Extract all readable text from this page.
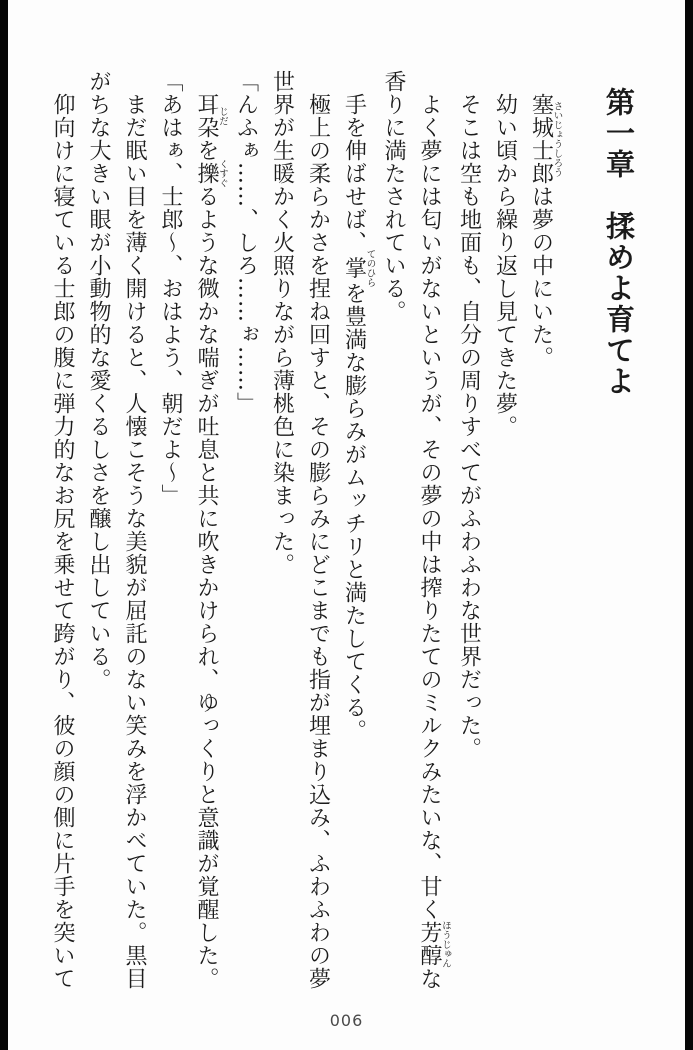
第一章　揉めよ育てよ

塞城士郎さいじょうしろうは夢の中にいた。

幼い頃から繰り返し見てきた夢。

そこは空も地面も、自分の周りすべてがふわふわな世界だった。

よく夢には匂いがないというが、その夢の中は搾りたてのミルクみたいな、甘く芳醇ほうじゅんな

香りに満たされている。

手を伸ばせば、掌てのひらを豊満な膨らみがムッチリと満たしてくる。

極上の柔らかさを捏ね回すと、その膨らみにどこまでも指が埋まり込み、ふわふわの夢

世界が生暖かく火照りながら薄桃色に染まった。

「んふぁ……、しろ……ぉ……」

耳朶じだを擽くすぐるような微かな喘ぎが吐息と共に吹きかけられ、ゆっくりと意識が覚醒した。

「あはぁ、士郎～、おはよう、朝だよ～」

まだ眠い目を薄く開けると、人懐こそうな美貌が屈託のない笑みを浮かべていた。黒目

がちな大きい眼が小動物的な愛くるしさを醸し出している。

仰向けに寝ている士郎の腹に弾力的なお尻を乗せて跨がり、彼の顔の側に片手を突いて

006
